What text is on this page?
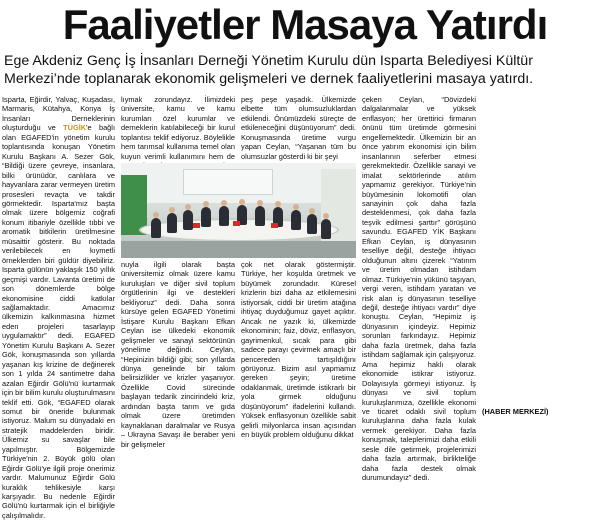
Faaliyetler Masaya Yatırdı
Ege Akdeniz Genç İş İnsanları Derneği Yönetim Kurulu dün Isparta Belediyesi Kültür Merkezi’nde toplanarak ekonomik gelişmeleri ve dernek faaliyetlerini masaya yatırdı.

Isparta, Eğirdir, Yalvaç, Kuşadası, Marmaris, Kütahya, Konya İş İnsanları Derneklerinin oluşturduğu ve TÜGİK'e bağlı olan EGAFED'in yönetim kurulu toplantısında konuşan Yönetim Kurulu Başkanı A. Sezer Gök, “Bildiği üzere çevreye, insanlara, bilki ürünüdür, canlılara ve hayvanlara zarar vermeyen üretim prosesleri revaçta ve takdir görmektedir. Isparta'mız başta olmak üzere bölgemiz coğrafi konum itibariyle özellikle tıbbi ve aromatik bitkilerin üretilmesine müsaittir gösterir. Bu noktada verilebilecek en kıymetli örneklerden biri güldür diyebiliriz. Isparta gülünün yaklaşık 150 yıllık geçmişi vardır. Lavanta üretimi de son dönemlerde bölge ekonomisine ciddi katkılar sağlamaktadır. Amacımız ülkemizin kalkınmasına hizmet eden projeleri tasarlayıp uygulamaktır” dedi. EGAFED Yönetim Kurulu Başkanı A. Sezer Gök, konuşmasında son yıllarda yaşanan kış krizine de değinerek son 1 yılda 24 santimetre daha azalan Eğirdir Gölü'nü kurtarmak için bir bilim kurulu oluşturulmasını teklif etti. Gök, “EGAFED olarak somut bir öneride bulunmak istiyoruz. Malum su dünyadaki en stratejik maddelerden biridir. Ülkemiz su savaşlar bile yapılmıştır. Bölgemizde Türkiye'nin 2. Büyük gölü olan Eğirdir Gölü'ye ilgili proje önerimiz vardır. Malumunuz Eğirdir Gölü kuraklık tehlikesiyle karşı karşıyadır. Bu nedenle Eğirdir Gölü'nü kurtarmak için el birliğiyle çalışılmalıdır.

lıymak zorundayız. İlimizdeki üniversite, kamu ve kamu kurumları özel kurumlar ve derneklerin katılabileceği bir kurul toplantısı teklif ediyoruz. Böylelikle hem tarımsal kullanıma temel olan kuyun verimli kullanımını hem de

peş peşe yaşadık. Ülkemizde elbette tüm olumsuzluklardan etkilendi. Önümüzdeki süreçte de etkileneceğini düşünüyorum” dedi. Konuşmasında üretime vurgu yapan Ceylan, “Yaşanan tüm bu olumsuzlar gösterdi ki bir şeyi

nuyla ilgili olarak başta üniversitemiz olmak üzere kamu kuruluşları ve diğer sivil toplum örgütlerinin ilgi ve destekleri bekliyoruz” dedi. Daha sonra kürsüye gelen EGAFED Yönetimi İstişare Kurulu Başkanı Efkan Ceylan ise ülkedeki ekonomik gelişmeler ve sanayi sektörünün yönelime değindi. Ceylan, “Hepinizin bildiği gibi; son yıllarda dünya genelinde bir takım belirsizlikler ve krizler yaşanıyor. Özellikle Covid sürecinde başlayan tedarik zincirindeki kriz, ardından başta tarım ve gıda olmak üzere üretimden kaynaklanan daralmalar ve Rusya – Ukrayna Savaşı ile beraber yeni bir gelişmeler

çok net olarak göstermiştir. Türkiye, her koşulda üretmek ve büyümek zorundadır. Küresel krizlerin bizi daha az etkilemesini istiyorsak, ciddi bir üretim atağına ihtiyaç duyduğumuz gayet açıktır. Ancak ne yazık ki, ülkemizde ekonominin; faiz, döviz, enflasyon, gayrimenkul, sıcak para gibi sadece parayı çevirmek amaçlı bir pencereden tartışıldığını görüyoruz. Bizim asıl yapmamız gereken şeyin; üretime odaklanmak, üretimde istikrarlı bir yola girmek olduğunu düşünüyorum” ifadelerini kullandı. Yüksek enflasyonun özellikle sabit gelirli milyonlarca insan açısından en büyük problem olduğunu dikkat

çeken Ceylan, “Dövizdeki dalgalanmalar ve yüksek enflasyon; her ürettirici firmanın önünü tüm üretimde görmesini engellemektedir. Ülkemizin bir an önce yatırım ekonomisi için bilim insanlarının seferber etmesi gerekmektedir. Özellikle sanayi ve imalat sektörlerinde atılım yapmamız gerekiyor. Türkiye’nin büyümesinin lokomotifi olan sanayinin çok daha fazla desteklenmesi, çok daha fazla teşvik edilmesi şarttır” görüşünü savundu. EGAFED YİK Başkanı Efkan Ceylan, iş dünyasının teselliye değil, desteğe ihtiyacı olduğunun altını çizerek “Yatırım ve üretim olmadan istihdam olmaz. Türkiye’nin yükünü taşıyan, vergi veren, istihdam yaratan ve risk alan iş dünyasının teselliye değil, desteğe ihtiyacı vardır” diye konuştu. Ceylan, “Hepimiz iş dünyasının içindeyiz. Hepimiz sorunları farkındayız. Hepimiz daha fazla üretmek, daha fazla istihdam sağlamak için çalışıyoruz. Ama hepimiz haklı olarak ekonomide istikrar istiyoruz. Dolayısıyla görmeyi istiyoruz. İş dünyası ve sivil toplum kuruluşlarımıza, özellikle ekonomi ve ticaret odaklı sivil toplum kuruluşlarına daha fazla kulak vermek gerekiyor. Daha fazla konuşmak, taleplerimizi daha etkili sesle dile getirmek, projelerimizi daha fazla artırmak, birlikteliğe daha fazla destek olmak durumundayız” dedi.

(HABER MERKEZİ)
